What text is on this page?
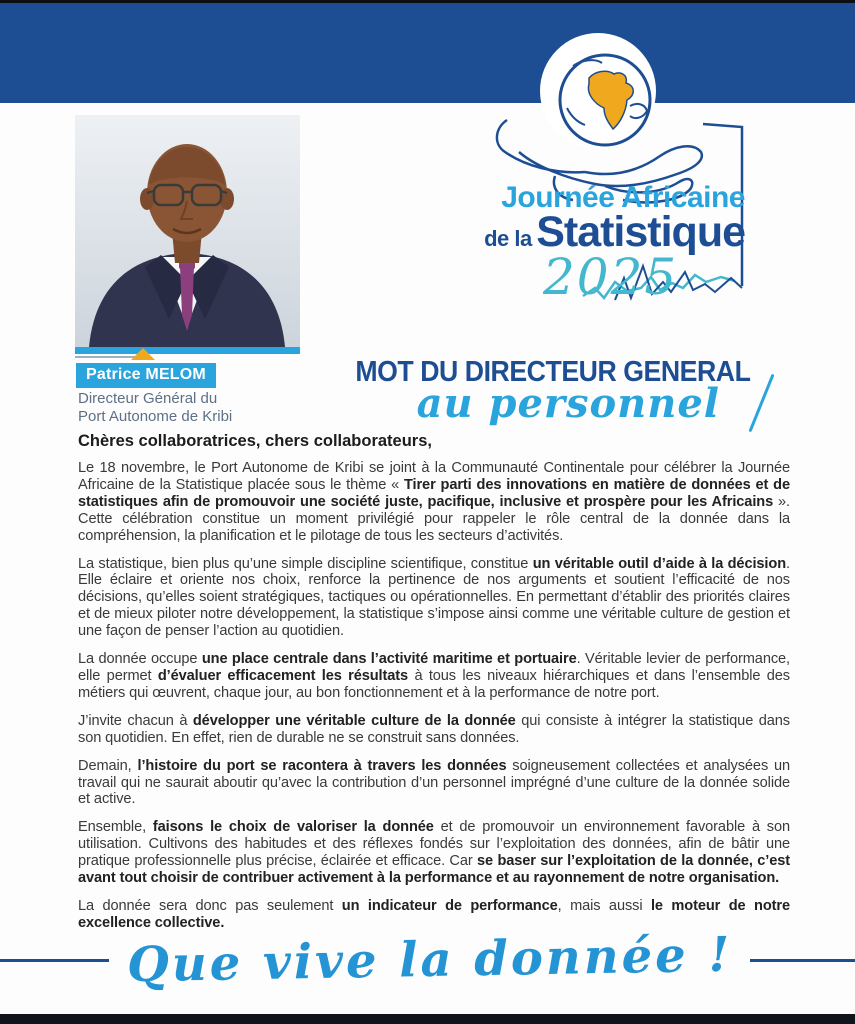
Journée Africaine
de la Statistique
2025
Patrice MELOM
Directeur Général du
Port Autonome de Kribi
MOT DU DIRECTEUR GENERAL
au personnel

Chères collaboratrices, chers collaborateurs,

Le 18 novembre, le Port Autonome de Kribi se joint à la Communauté Continentale pour célébrer la Journée Africaine de la Statistique placée sous le thème « Tirer parti des innovations en matière de données et de statistiques afin de promouvoir une société juste, pacifique, inclusive et prospère pour les Africains ». Cette célébration constitue un moment privilégié pour rappeler le rôle central de la donnée dans la compréhension, la planification et le pilotage de tous les secteurs d’activités.

La statistique, bien plus qu’une simple discipline scientifique, constitue un véritable outil d’aide à la décision. Elle éclaire et oriente nos choix, renforce la pertinence de nos arguments et soutient l’efficacité de nos décisions, qu’elles soient stratégiques, tactiques ou opérationnelles. En permettant d’établir des priorités claires et de mieux piloter notre développement, la statistique s’impose ainsi comme une véritable culture de gestion et une façon de penser l’action au quotidien.

La donnée occupe une place centrale dans l’activité maritime et portuaire. Véritable levier de performance, elle permet d’évaluer efficacement les résultats à tous les niveaux hiérarchiques et dans l’ensemble des métiers qui œuvrent, chaque jour, au bon fonctionnement et à la performance de notre port.

J’invite chacun à développer une véritable culture de la donnée qui consiste à intégrer la statistique dans son quotidien. En effet, rien de durable ne se construit sans données.

Demain, l’histoire du port se racontera à travers les données soigneusement collectées et analysées un travail qui ne saurait aboutir qu’avec la contribution d’un personnel imprégné d’une culture de la donnée solide et active.

Ensemble, faisons le choix de valoriser la donnée et de promouvoir un environnement favorable à son utilisation. Cultivons des habitudes et des réflexes fondés sur l’exploitation des données, afin de bâtir une pratique professionnelle plus précise, éclairée et efficace. Car se baser sur l’exploitation de la donnée, c’est avant tout choisir de contribuer activement à la performance et au rayonnement de notre organisation.

La donnée sera donc pas seulement un indicateur de performance, mais aussi le moteur de notre excellence collective.

Que vive la donnée !
